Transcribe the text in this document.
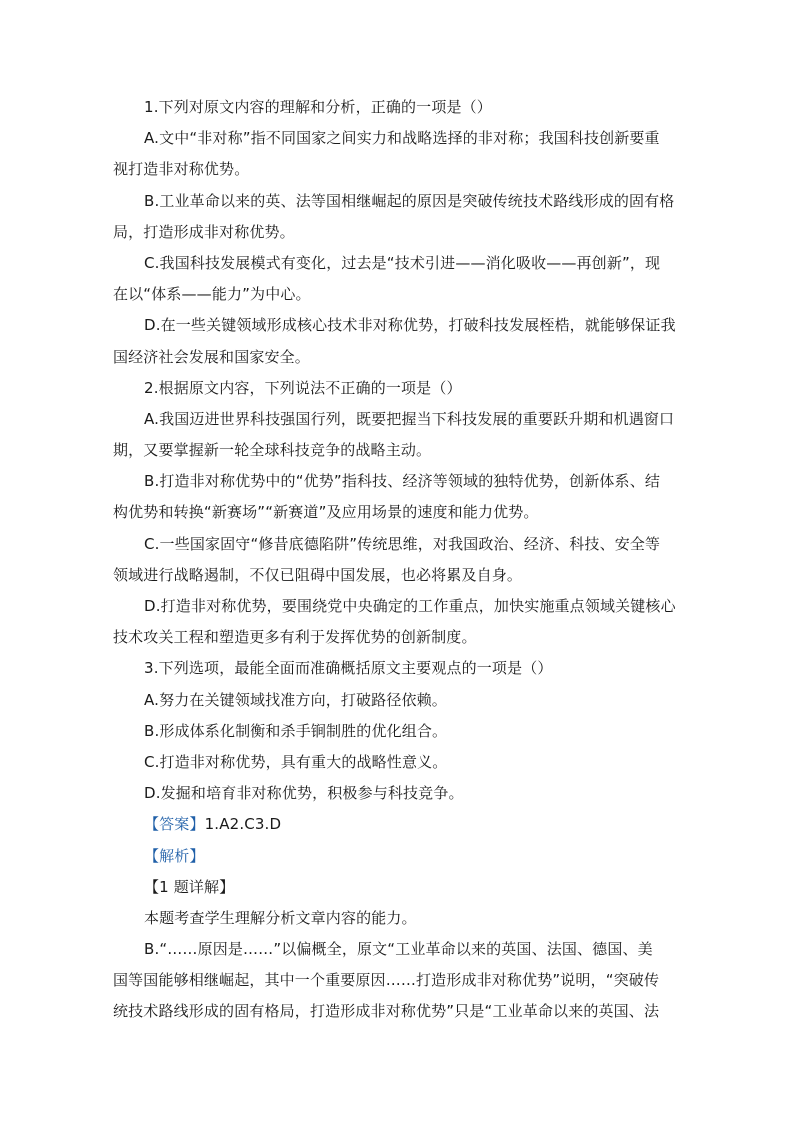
1.下列对原文内容的理解和分析，正确的一项是（）
A.文中“非对称”指不同国家之间实力和战略选择的非对称；我国科技创新要重
视打造非对称优势。
B.工业革命以来的英、法等国相继崛起的原因是突破传统技术路线形成的固有格
局，打造形成非对称优势。
C.我国科技发展模式有变化，过去是“技术引进——消化吸收——再创新”，现
在以“体系——能力”为中心。
D.在一些关键领域形成核心技术非对称优势，打破科技发展桎梏，就能够保证我
国经济社会发展和国家安全。
2.根据原文内容，下列说法不正确的一项是（）
A.我国迈进世界科技强国行列，既要把握当下科技发展的重要跃升期和机遇窗口
期，又要掌握新一轮全球科技竞争的战略主动。
B.打造非对称优势中的“优势”指科技、经济等领域的独特优势，创新体系、结
构优势和转换“新赛场”“新赛道”及应用场景的速度和能力优势。
C.一些国家固守“修昔底德陷阱”传统思维，对我国政治、经济、科技、安全等
领域进行战略遏制，不仅已阻碍中国发展，也必将累及自身。
D.打造非对称优势，要围绕党中央确定的工作重点，加快实施重点领域关键核心
技术攻关工程和塑造更多有利于发挥优势的创新制度。
3.下列选项，最能全面而准确概括原文主要观点的一项是（）
A.努力在关键领域找准方向，打破路径依赖。
B.形成体系化制衡和杀手锏制胜的优化组合。
C.打造非对称优势，具有重大的战略性意义。
D.发掘和培育非对称优势，积极参与科技竞争。
【答案】1.A2.C3.D
【解析】
【1 题详解】
本题考查学生理解分析文章内容的能力。
B.“……原因是……”以偏概全，原文“工业革命以来的英国、法国、德国、美
国等国能够相继崛起，其中一个重要原因……打造形成非对称优势”说明，“突破传
统技术路线形成的固有格局，打造形成非对称优势”只是“工业革命以来的英国、法
